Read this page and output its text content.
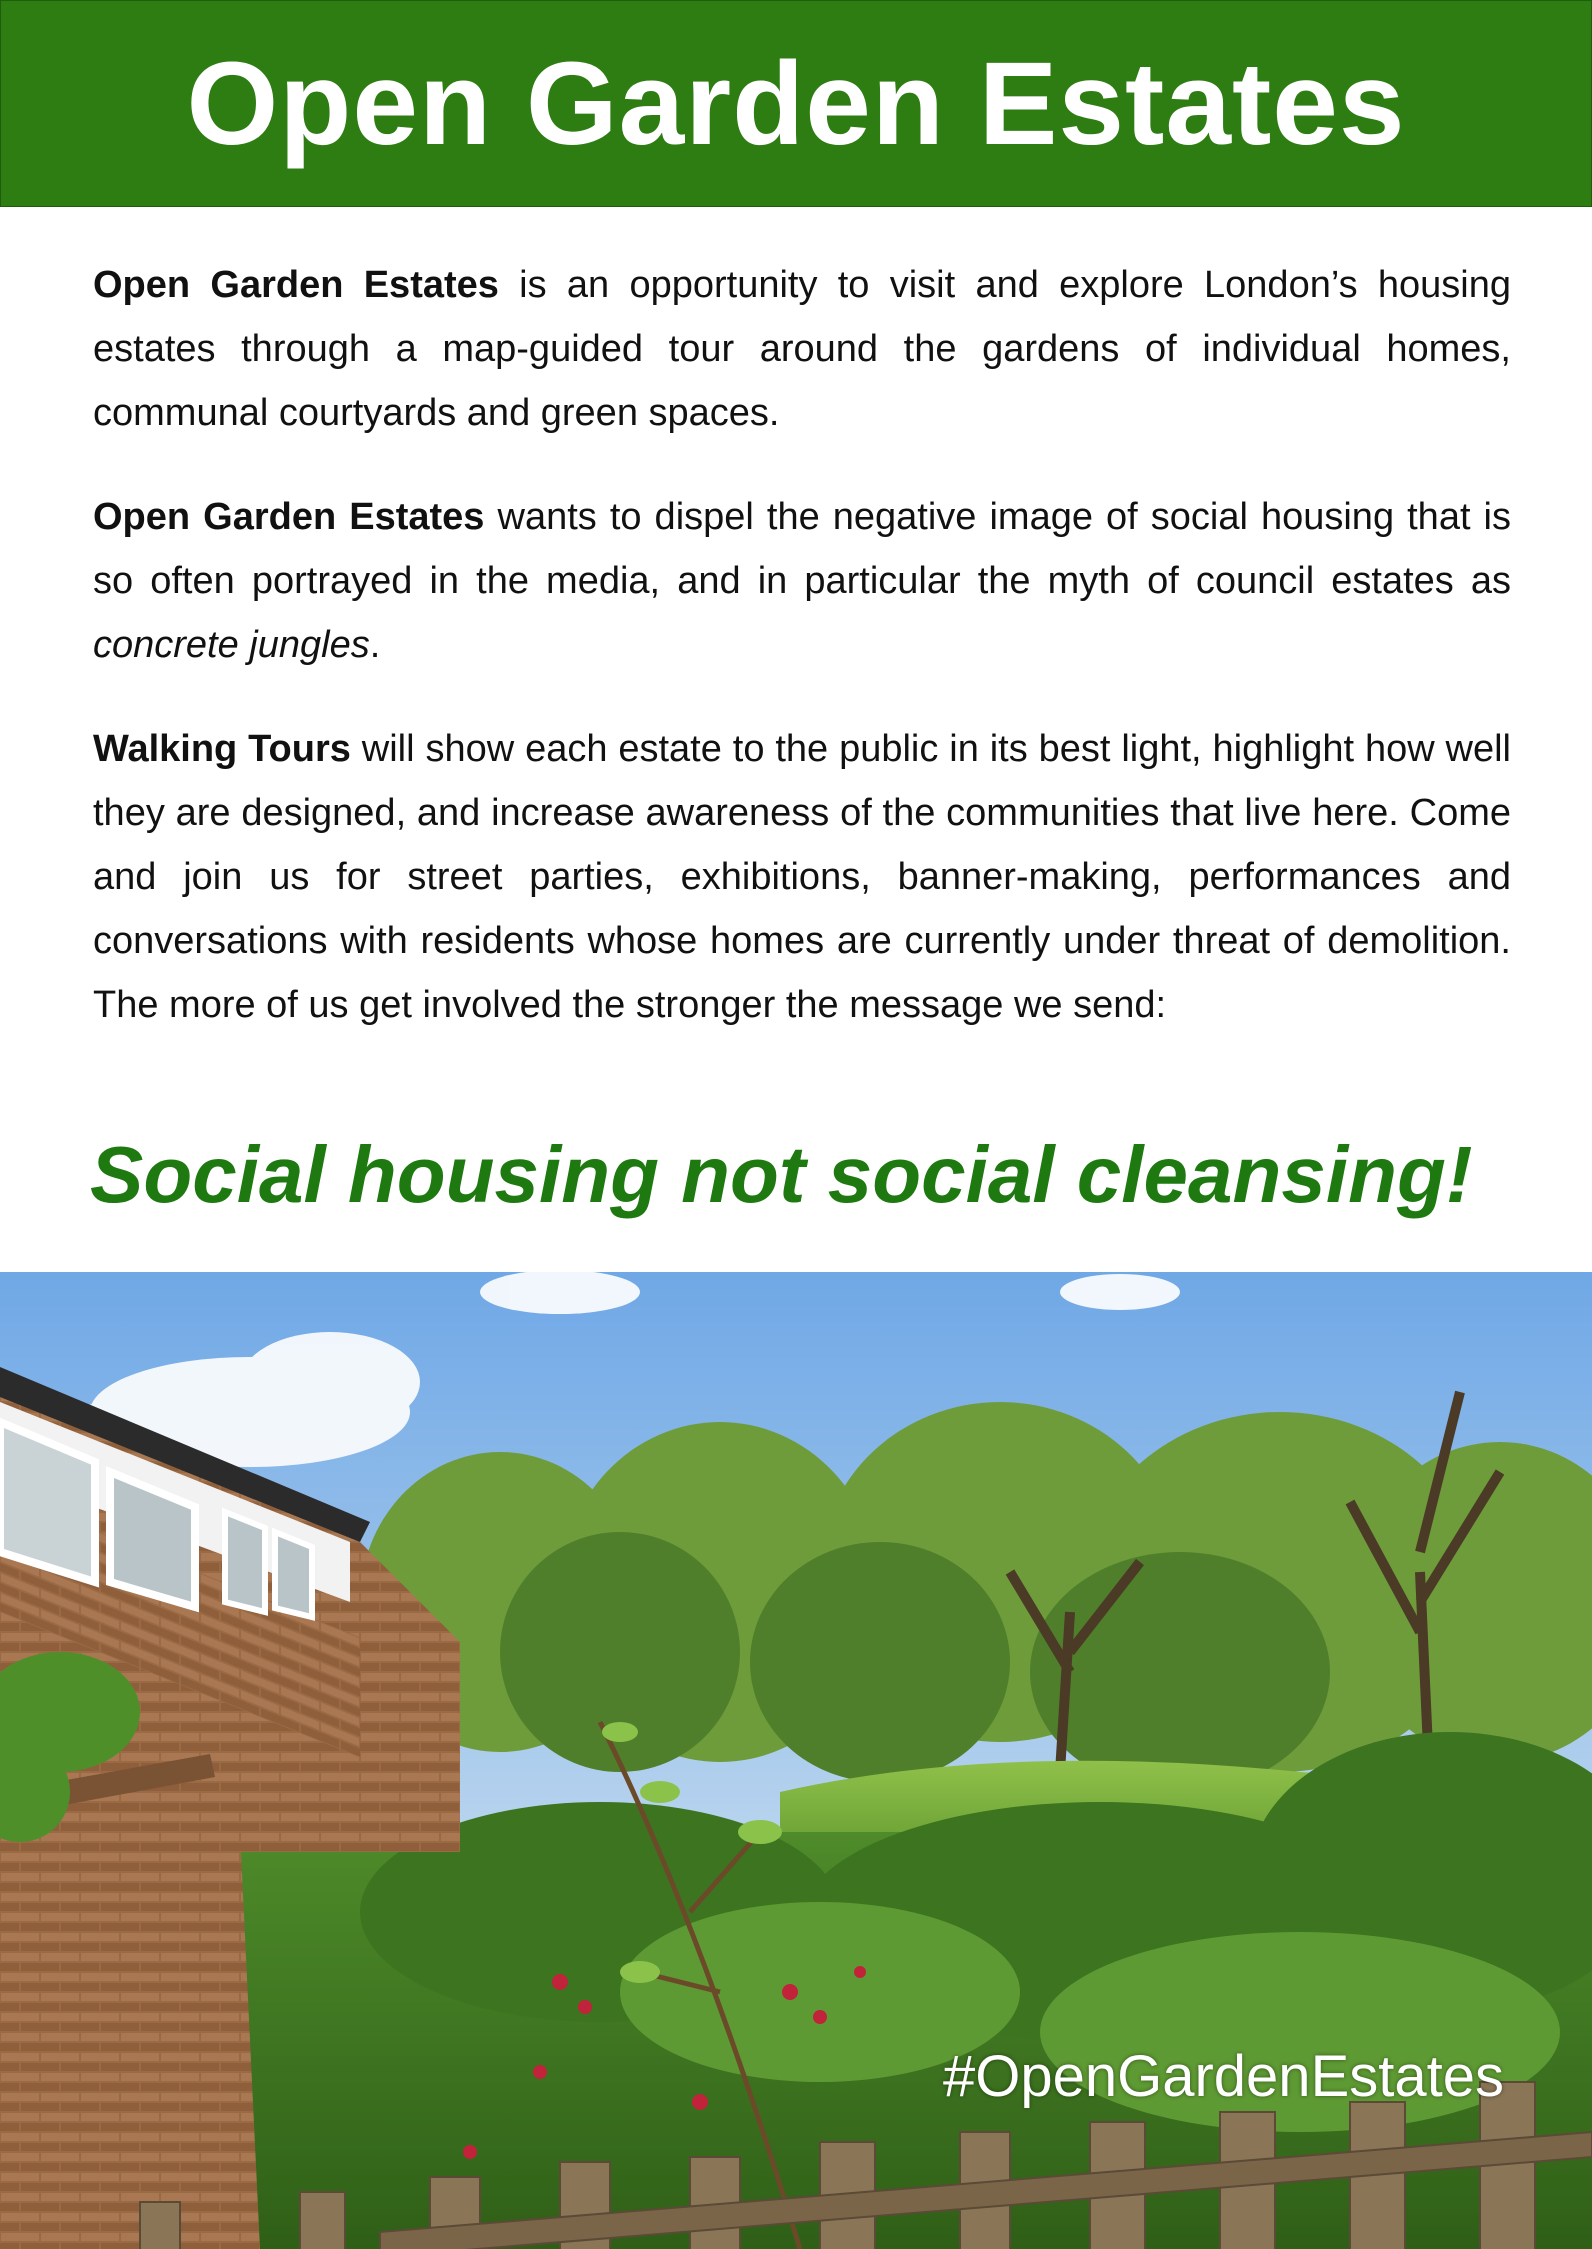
Open Garden Estates

Open Garden Estates is an opportunity to visit and explore London’s housing estates through a map-guided tour around the gardens of individual homes, communal courtyards and green spaces.

Open Garden Estates wants to dispel the negative image of social housing that is so often portrayed in the media, and in particular the myth of council estates as concrete jungles.

Walking Tours will show each estate to the public in its best light, highlight how well they are designed, and increase awareness of the communities that live here. Come and join us for street parties, exhibitions, banner-making, performances and conversations with residents whose homes are currently under threat of demolition. The more of us get involved the stronger the message we send:

Social housing not social cleansing!
#OpenGardenEstates
